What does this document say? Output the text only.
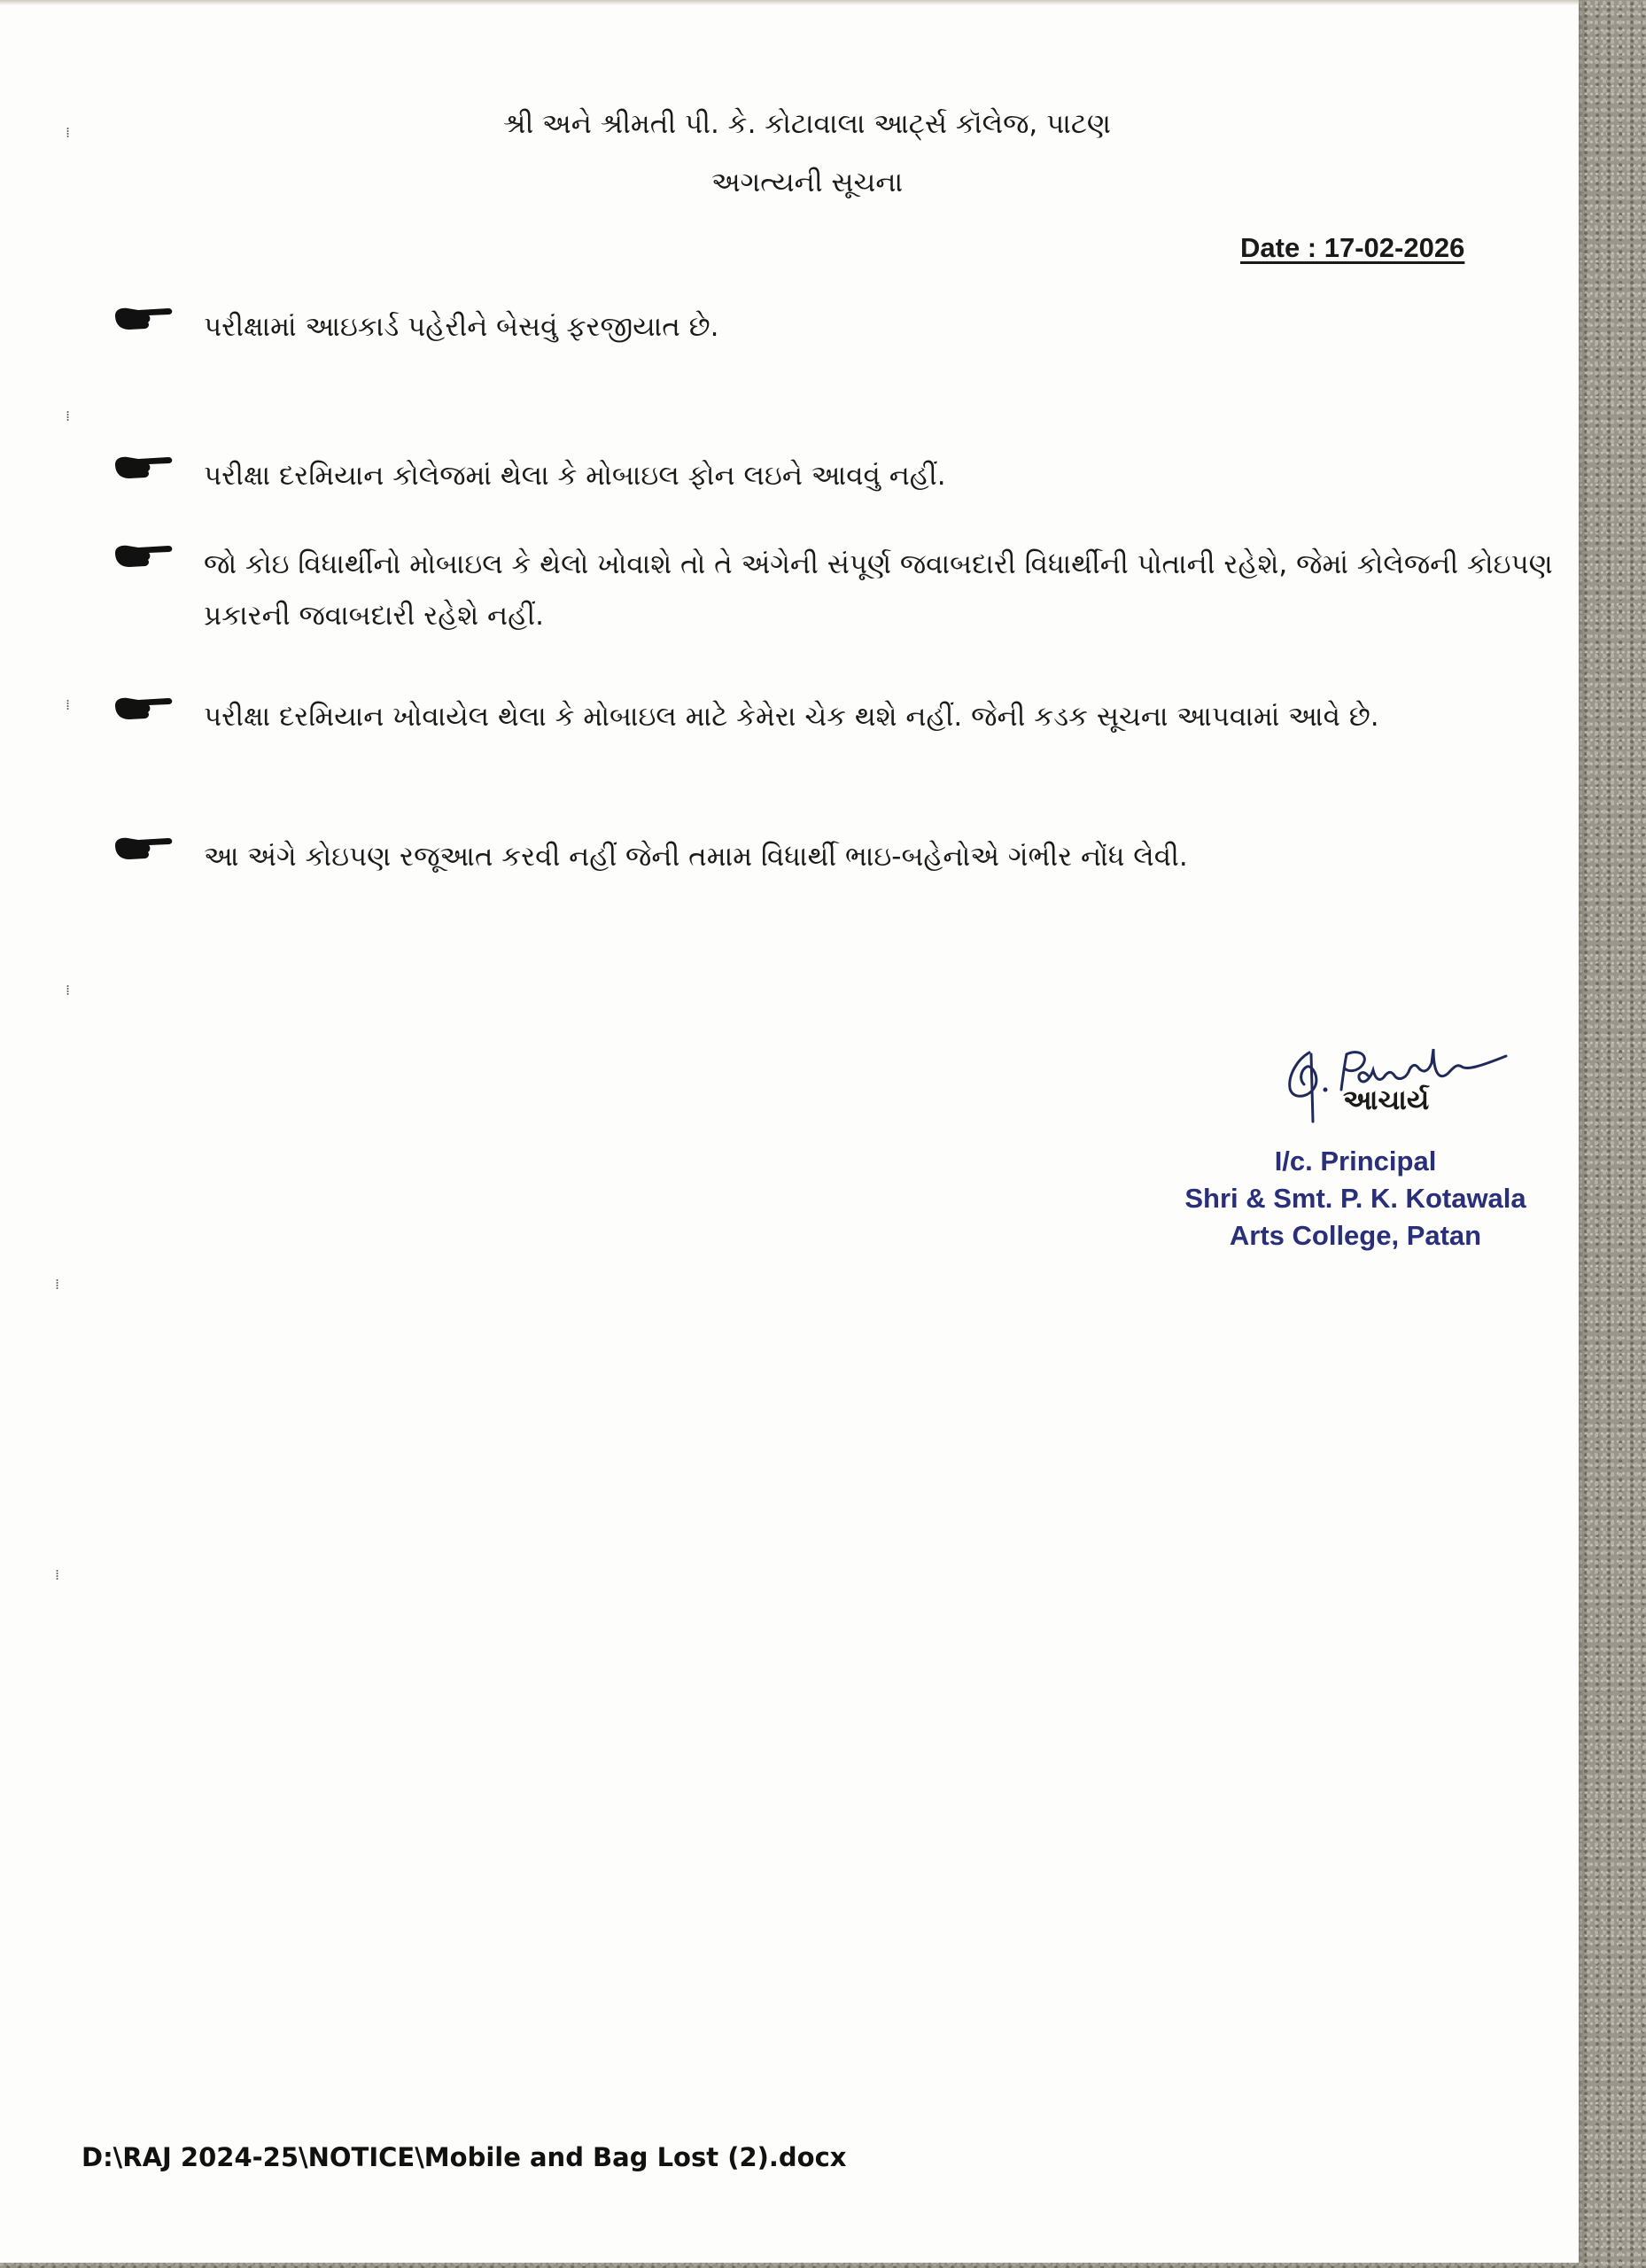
⁞
⁞
⁞
⁞
⁞
⁞
શ્રી અને શ્રીમતી પી. કે. કોટાવાલા આર્ટ્સ કૉલેજ, પાટણ
અગત્યની સૂચના
Date : 17-02-2026
પરીક્ષામાં આઇકાર્ડ પહેરીને બેસવું ફરજીયાત છે.
પરીક્ષા દરમિયાન કોલેજમાં થેલા કે મોબાઇલ ફોન લઇને આવવું નહીં.
જો કોઇ વિધાર્થીનો મોબાઇલ કે થેલો ખોવાશે તો તે અંગેની સંપૂર્ણ જવાબદારી વિધાર્થીની પોતાની રહેશે, જેમાં કોલેજની કોઇપણ પ્રકારની જવાબદારી રહેશે નહીં.
પરીક્ષા દરમિયાન ખોવાયેલ થેલા કે મોબાઇલ માટે કેમેરા ચેક થશે નહીં. જેની કડક સૂચના આપવામાં આવે છે.
આ અંગે કોઇપણ રજૂઆત કરવી નહીં જેની તમામ વિધાર્થી ભાઇ-બહેનોએ ગંભીર નોંધ લેવી.
આચાર્ય
I/c. Principal
Shri & Smt. P. K. Kotawala
Arts College, Patan
D:\RAJ 2024-25\NOTICE\Mobile and Bag Lost (2).docx
